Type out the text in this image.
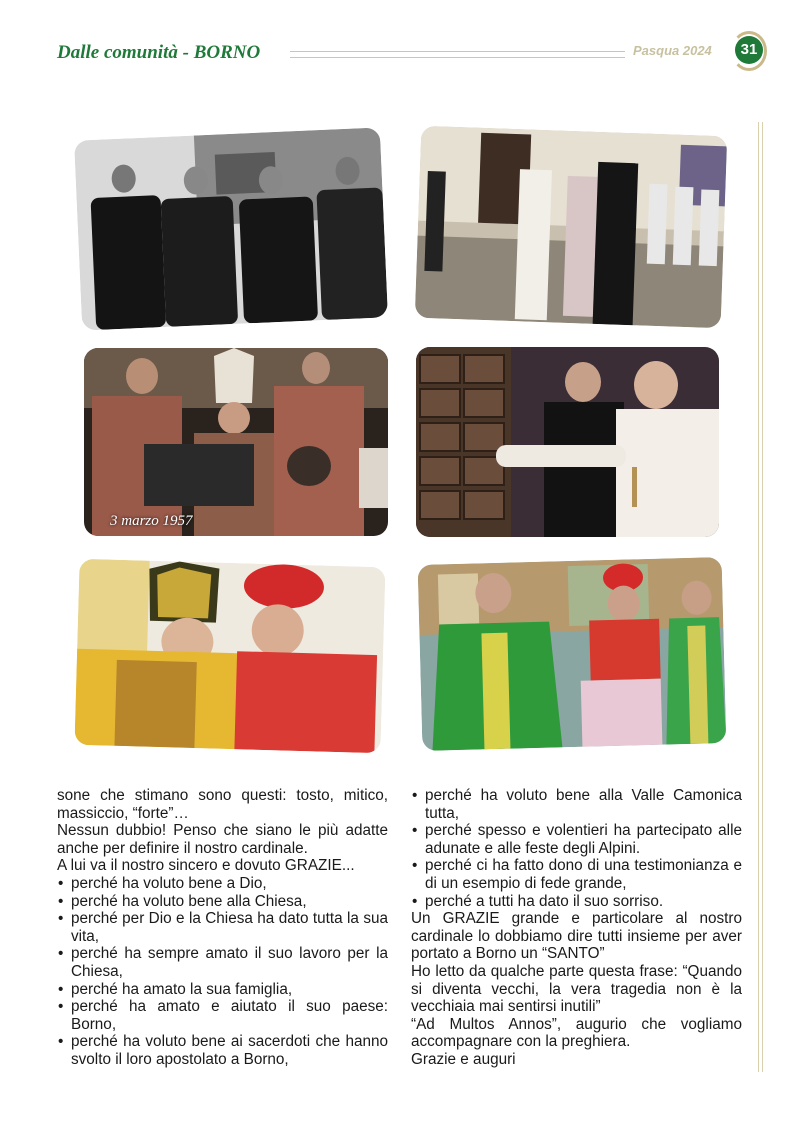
Dalle comunità - BORNO	Pasqua 2024	31
3 marzo 1957

sone che stimano sono questi: tosto, mitico, massiccio, “forte”…

Nessun dubbio! Penso che siano le più adatte anche per definire il nostro cardinale.

A lui va il nostro sincero e dovuto GRAZIE...

• perché ha voluto bene a Dio,
• perché ha voluto bene alla Chiesa,
• perché per Dio e la Chiesa ha dato tutta la sua vita,
• perché ha sempre amato il suo lavoro per la Chiesa,
• perché ha amato la sua famiglia,
• perché ha amato e aiutato il suo paese: Borno,
• perché ha voluto bene ai sacerdoti che hanno svolto il loro apostolato a Borno,
• perché ha voluto bene alla Valle Camonica tutta,
• perché spesso e volentieri ha partecipato alle adunate e alle feste degli Alpini.
• perché ci ha fatto dono di una testimonianza e di un esempio di fede grande,
• perché a tutti ha dato il suo sorriso.

Un GRAZIE grande e particolare al nostro cardinale lo dobbiamo dire tutti insieme per aver portato a Borno un “SANTO”

Ho letto da qualche parte questa frase: “Quando si diventa vecchi, la vera tragedia non è la vecchiaia mai sentirsi inutili”

“Ad Multos Annos”, augurio che vogliamo accompagnare con la preghiera.

Grazie e auguri
